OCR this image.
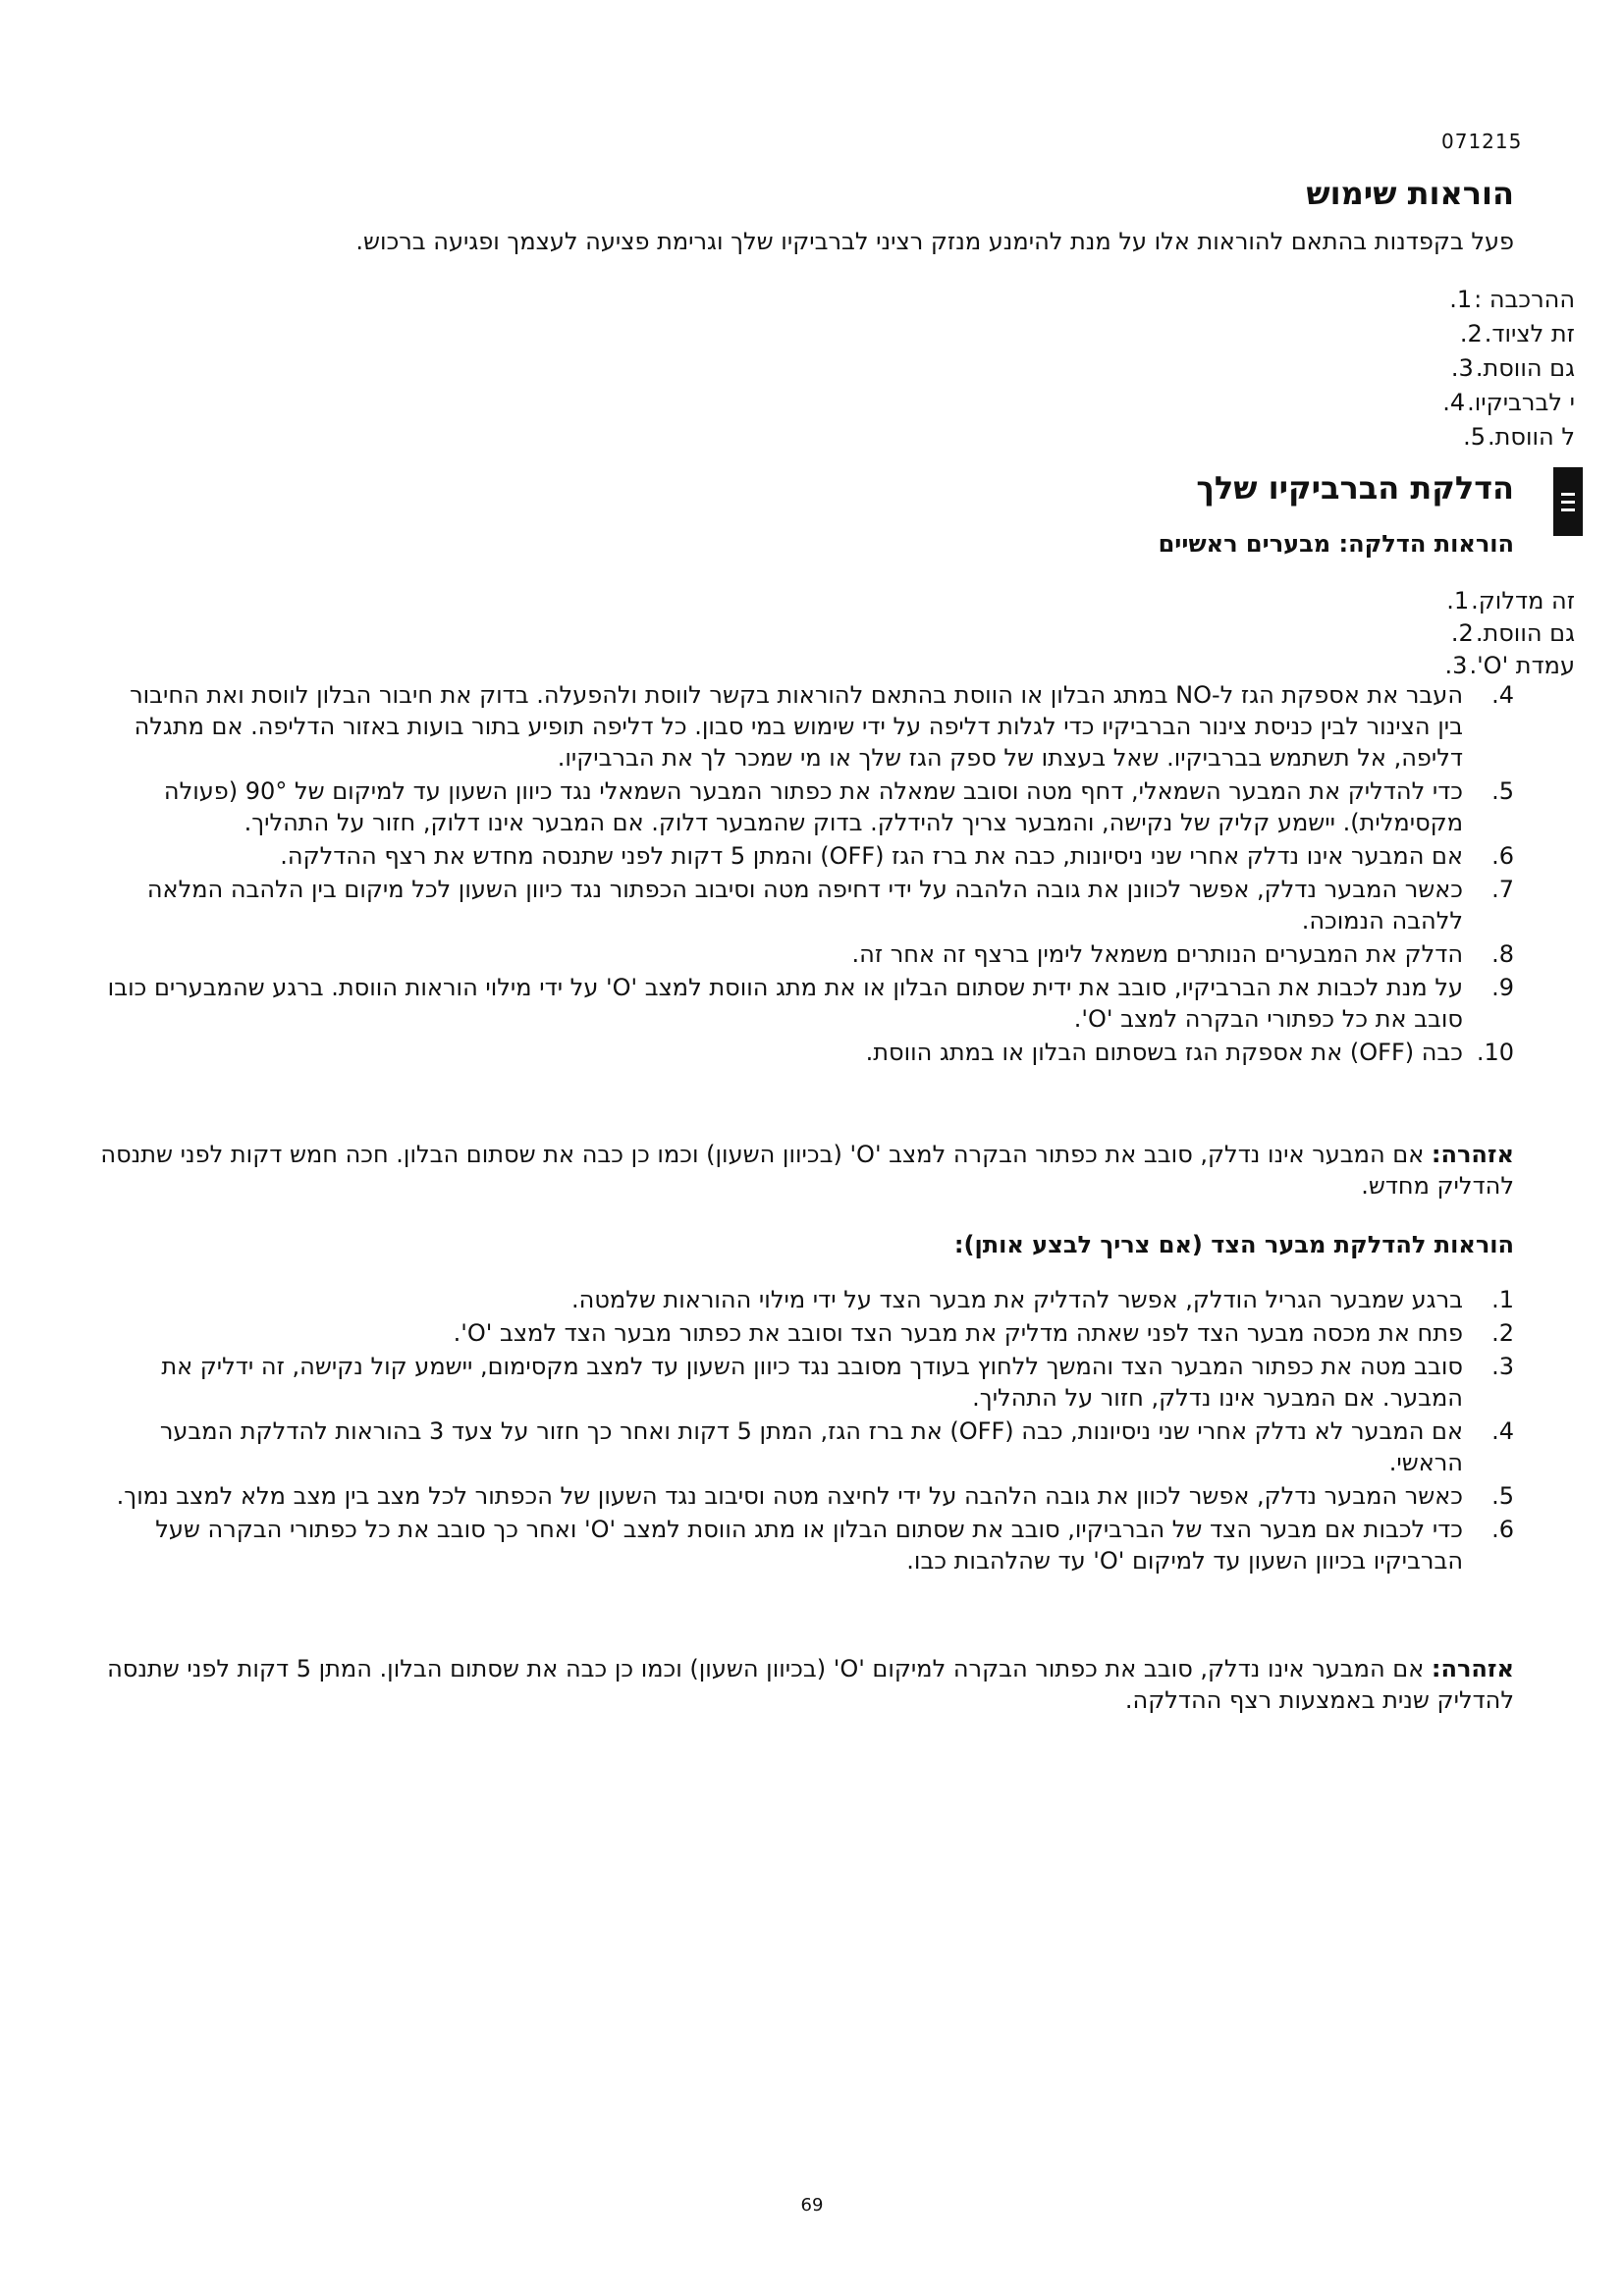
071215
הוראות שימוש
פעל בקפדנות בהתאם להוראות אלו על מנת להימנע מנזק רציני לברביקיו שלך וגרימת פציעה לעצמך ופגיעה ברכוש.
ההרכבה :
1.
זת לציוד.
2.
גם הווסת.
3.
י לברביקיו.
4.
ל הווסת.
5.
הדלקת הברביקיו שלך
הוראות הדלקה: מבערים ראשיים
זה מדלוק.
1.
גם הווסת.
2.
עמדת 'O'.
3.
4.
העבר את אספקת הגז ל-NO במתג הבלון או הווסת בהתאם להוראות בקשר לווסת ולהפעלה. בדוק את חיבור הבלון לווסת ואת החיבור בין הצינור לבין כניסת צינור הברביקיו כדי לגלות דליפה על ידי שימוש במי סבון. כל דליפה תופיע בתור בועות באזור הדליפה. אם מתגלה דליפה, אל תשתמש בברביקיו. שאל בעצתו של ספק הגז שלך או מי שמכר לך את הברביקיו.
5.
כדי להדליק את המבער השמאלי, דחף מטה וסובב שמאלה את כפתור המבער השמאלי נגד כיוון השעון עד למיקום של 90° (פעולה מקסימלית). יישמע קליק של נקישה, והמבער צריך להידלק. בדוק שהמבער דלוק. אם המבער אינו דלוק, חזור על התהליך.
6.
אם המבער אינו נדלק אחרי שני ניסיונות, כבה את ברז הגז (OFF) והמתן 5 דקות לפני שתנסה מחדש את רצף ההדלקה.
7.
כאשר המבער נדלק, אפשר לכוונן את גובה הלהבה על ידי דחיפה מטה וסיבוב הכפתור נגד כיוון השעון לכל מיקום בין הלהבה המלאה ללהבה הנמוכה.
8.
הדלק את המבערים הנותרים משמאל לימין ברצף זה אחר זה.
9.
על מנת לכבות את הברביקיו, סובב את ידית שסתום הבלון או את מתג הווסת למצב 'O' על ידי מילוי הוראות הווסת. ברגע שהמבערים כובו סובב את כל כפתורי הבקרה למצב 'O'.
10.
כבה (OFF) את אספקת הגז בשסתום הבלון או במתג הווסת.
אזהרה: אם המבער אינו נדלק, סובב את כפתור הבקרה למצב 'O' (בכיוון השעון) וכמו כן כבה את שסתום הבלון. חכה חמש דקות לפני שתנסה להדליק מחדש.
הוראות להדלקת מבער הצד (אם צריך לבצע אותן):
1.
ברגע שמבער הגריל הודלק, אפשר להדליק את מבער הצד על ידי מילוי ההוראות שלמטה.
2.
פתח את מכסה מבער הצד לפני שאתה מדליק את מבער הצד וסובב את כפתור מבער הצד למצב 'O'.
3.
סובב מטה את כפתור המבער הצד והמשך ללחוץ בעודך מסובב נגד כיוון השעון עד למצב מקסימום, יישמע קול נקישה, זה ידליק את המבער. אם המבער אינו נדלק, חזור על התהליך.
4.
אם המבער לא נדלק אחרי שני ניסיונות, כבה (OFF) את ברז הגז, המתן 5 דקות ואחר כך חזור על צעד 3 בהוראות להדלקת המבער הראשי.
5.
כאשר המבער נדלק, אפשר לכוון את גובה הלהבה על ידי לחיצה מטה וסיבוב נגד השעון של הכפתור לכל מצב בין מצב מלא למצב נמוך.
6.
כדי לכבות אם מבער הצד של הברביקיו, סובב את שסתום הבלון או מתג הווסת למצב 'O' ואחר כך סובב את כל כפתורי הבקרה שעל הברביקיו בכיוון השעון עד למיקום 'O' עד שהלהבות כבו.
אזהרה: אם המבער אינו נדלק, סובב את כפתור הבקרה למיקום 'O' (בכיוון השעון) וכמו כן כבה את שסתום הבלון. המתן 5 דקות לפני שתנסה להדליק שנית באמצעות רצף ההדלקה.
69
